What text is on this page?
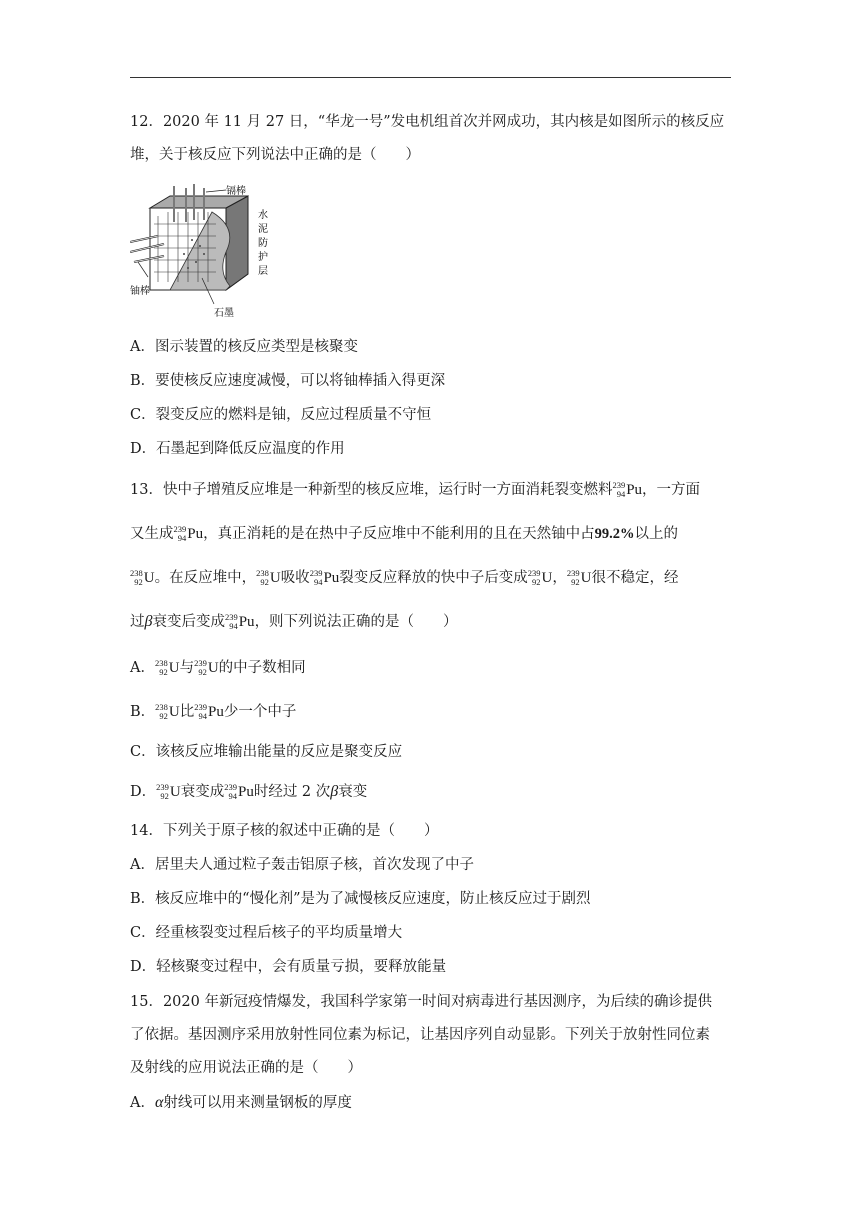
12．2020 年 11 月 27 日，“华龙一号”发电机组首次并网成功，其内核是如图所示的核反应
堆，关于核反应下列说法中正确的是（　　）
镉棒
铀棒
石墨
水
泥
防
护
层
A．图示装置的核反应类型是核聚变
B．要使核反应速度减慢，可以将铀棒插入得更深
C．裂变反应的燃料是铀，反应过程质量不守恒
D．石墨起到降低反应温度的作用
13．快中子增殖反应堆是一种新型的核反应堆，运行时一方面消耗裂变燃料 239
94 Pu，一方面
又生成 239
94 Pu，真正消耗的是在热中子反应堆中不能利用的且在天然铀中占99.2%以上的
238
92 U。在反应堆中， 238
92 U吸收 239
94 Pu裂变反应释放的快中子后变成 239
92 U， 239
92 U很不稳定，经
过β衰变后变成 239
94 Pu，则下列说法正确的是（　　）
A． 238
92 U与 239
92 U的中子数相同
B． 238
92 U比 239
94 Pu少一个中子
C．该核反应堆输出能量的反应是聚变反应
D． 239
92 U衰变成 239
94 Pu时经过 2 次β衰变
14．下列关于原子核的叙述中正确的是（　　）
A．居里夫人通过粒子轰击铝原子核，首次发现了中子
B．核反应堆中的“慢化剂”是为了减慢核反应速度，防止核反应过于剧烈
C．经重核裂变过程后核子的平均质量增大
D．轻核聚变过程中，会有质量亏损，要释放能量
15．2020 年新冠疫情爆发，我国科学家第一时间对病毒进行基因测序，为后续的确诊提供
了依据。基因测序采用放射性同位素为标记，让基因序列自动显影。下列关于放射性同位素
及射线的应用说法正确的是（　　）
A．α射线可以用来测量钢板的厚度
